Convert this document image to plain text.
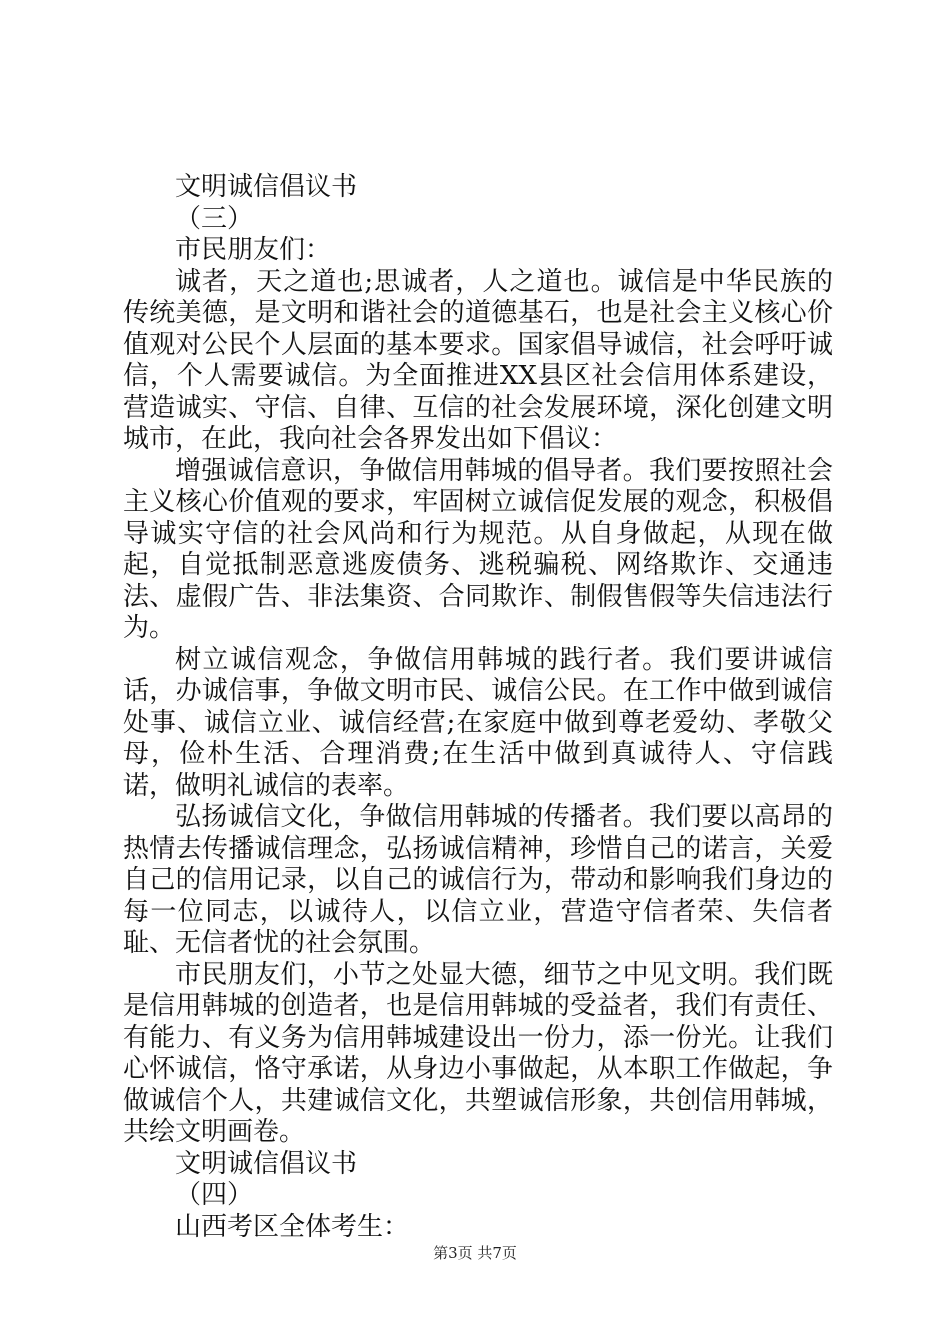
文明诚信倡议书

（三）

市民朋友们：

诚者，天之道也;思诚者，人之道也。诚信是中华民族的传统美德，是文明和谐社会的道德基石，也是社会主义核心价值观对公民个人层面的基本要求。国家倡导诚信，社会呼吁诚信，个人需要诚信。为全面推进XX县区社会信用体系建设，营造诚实、守信、自律、互信的社会发展环境，深化创建文明城市，在此，我向社会各界发出如下倡议：

增强诚信意识，争做信用韩城的倡导者。我们要按照社会主义核心价值观的要求，牢固树立诚信促发展的观念，积极倡导诚实守信的社会风尚和行为规范。从自身做起，从现在做起，自觉抵制恶意逃废债务、逃税骗税、网络欺诈、交通违法、虚假广告、非法集资、合同欺诈、制假售假等失信违法行为。

树立诚信观念，争做信用韩城的践行者。我们要讲诚信话，办诚信事，争做文明市民、诚信公民。在工作中做到诚信处事、诚信立业、诚信经营;在家庭中做到尊老爱幼、孝敬父母，俭朴生活、合理消费;在生活中做到真诚待人、守信践诺，做明礼诚信的表率。

弘扬诚信文化，争做信用韩城的传播者。我们要以高昂的热情去传播诚信理念，弘扬诚信精神，珍惜自己的诺言，关爱自己的信用记录，以自己的诚信行为，带动和影响我们身边的每一位同志，以诚待人，以信立业，营造守信者荣、失信者耻、无信者忧的社会氛围。

市民朋友们，小节之处显大德，细节之中见文明。我们既是信用韩城的创造者，也是信用韩城的受益者，我们有责任、有能力、有义务为信用韩城建设出一份力，添一份光。让我们心怀诚信，恪守承诺，从身边小事做起，从本职工作做起，争做诚信个人，共建诚信文化，共塑诚信形象，共创信用韩城，共绘文明画卷。

文明诚信倡议书

（四）

山西考区全体考生：

第3页 共7页
